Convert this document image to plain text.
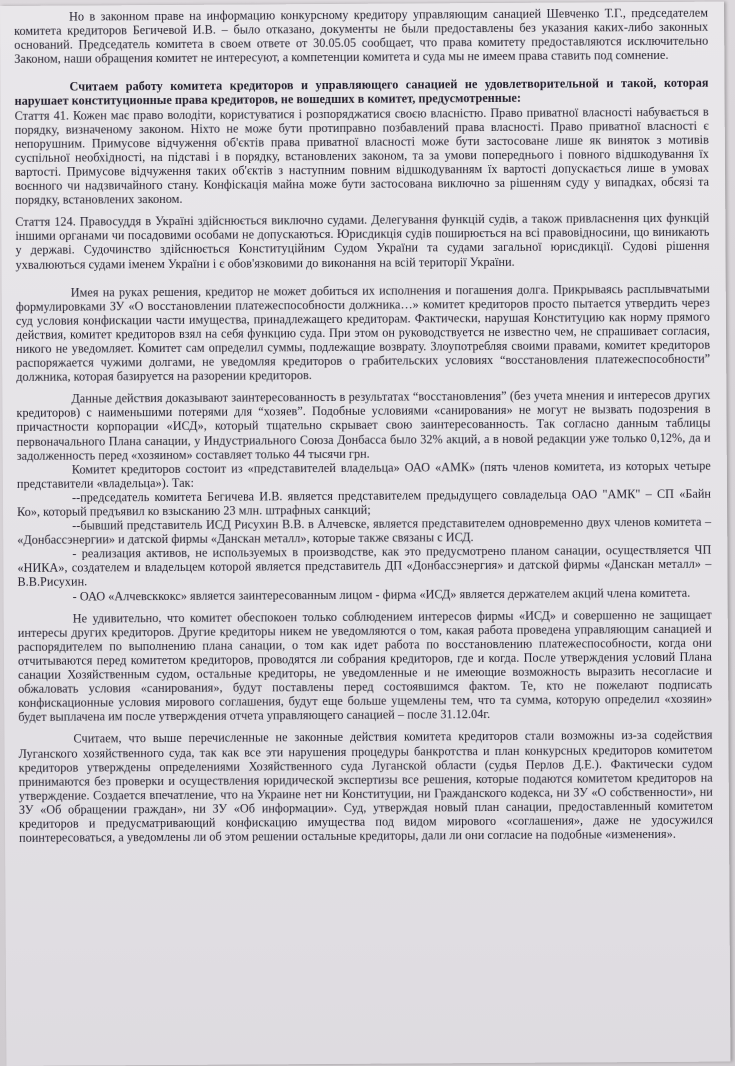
Но в законном праве на информацию конкурсному кредитору управляющим санацией Шевченко Т.Г., председателем комитета кредиторов Бегичевой И.В. – было отказано, документы не были предоставлены без указания каких-либо законных оснований. Председатель комитета в своем ответе от 30.05.05 сообщает, что права комитету предоставляются исключительно Законом, наши обращения комитет не интересуют, а компетенции комитета и суда мы не имеем права ставить под сомнение.

Считаем работу комитета кредиторов и управляющего санацией не удовлетворительной и такой, которая нарушает конституционные права кредиторов, не вошедших в комитет, предусмотренные:

Стаття 41. Кожен має право володіти, користуватися і розпоряджатися своєю власністю. Право приватної власності набувається в порядку, визначеному законом. Ніхто не може бути протиправно позбавлений права власності. Право приватної власності є непорушним. Примусове відчуження об'єктів права приватної власності може бути застосоване лише як виняток з мотивів суспільної необхідності, на підставі і в порядку, встановлених законом, та за умови попереднього і повного відшкодування їх вартості. Примусове відчуження таких об'єктів з наступним повним відшкодуванням їх вартості допускається лише в умовах воєнного чи надзвичайного стану. Конфіскація майна може бути застосована виключно за рішенням суду у випадках, обсязі та порядку, встановлених законом.

Стаття 124. Правосуддя в Україні здійснюється виключно судами. Делегування функцій судів, а також привласнення цих функцій іншими органами чи посадовими особами не допускаються. Юрисдикція судів поширюється на всі правовідносини, що виникають у державі. Судочинство здійснюється Конституційним Судом України та судами загальної юрисдикції. Судові рішення ухвалюються судами іменем України і є обов'язковими до виконання на всій території України.

Имея на руках решения, кредитор не может добиться их исполнения и погашения долга. Прикрываясь расплывчатыми формулировками ЗУ «О восстановлении платежеспособности должника…» комитет кредиторов просто пытается утвердить через суд условия конфискации части имущества, принадлежащего кредиторам. Фактически, нарушая Конституцию как норму прямого действия, комитет кредиторов взял на себя функцию суда. При этом он руководствуется не известно чем, не спрашивает согласия, никого не уведомляет. Комитет сам определил суммы, подлежащие возврату. Злоупотребляя своими правами, комитет кредиторов распоряжается чужими долгами, не уведомляя кредиторов о грабительских условиях “восстановления платежеспособности” должника, которая базируется на разорении кредиторов.

Данные действия доказывают заинтересованность в результатах “восстановления” (без учета мнения и интересов других кредиторов) с наименьшими потерями для “хозяев”. Подобные условиями «санирования» не могут не вызвать подозрения в причастности корпорации «ИСД», который тщательно скрывает свою заинтересованность. Так согласно данным таблицы первоначального Плана санации, у Индустриального Союза Донбасса было 32% акций, а в новой редакции уже только 0,12%, да и задолженность перед «хозяином» составляет только 44 тысячи грн.

Комитет кредиторов состоит из «представителей владельца» ОАО «АМК» (пять членов комитета, из которых четыре представители «владельца»). Так:

--председатель комитета Бегичева И.В. является представителем предыдущего совладельца ОАО "АМК" – СП «Байн Ко», который предъявил ко взысканию 23 млн. штрафных санкций;

--бывший представитель ИСД Рисухин В.В. в Алчевске, является представителем одновременно двух членов комитета – «Донбассэнергии» и датской фирмы «Данскан металл», которые также связаны с ИСД.

- реализация активов, не используемых в производстве, как это предусмотрено планом санации, осуществляется ЧП «НИКА», создателем и владельцем которой является представитель ДП «Донбассэнергия» и датской фирмы «Данскан металл» – В.В.Рисухин.

- ОАО «Алчевсккокс» является заинтересованным лицом - фирма «ИСД» является держателем акций члена комитета.

Не удивительно, что комитет обеспокоен только соблюдением интересов фирмы «ИСД» и совершенно не защищает интересы других кредиторов. Другие кредиторы никем не уведомляются о том, какая работа проведена управляющим санацией и распорядителем по выполнению плана санации, о том как идет работа по восстановлению платежеспособности, когда они отчитываются перед комитетом кредиторов, проводятся ли собрания кредиторов, где и когда. После утверждения условий Плана санации Хозяйственным судом, остальные кредиторы, не уведомленные и не имеющие возможность выразить несогласие и обжаловать условия «санирования», будут поставлены перед состоявшимся фактом. Те, кто не пожелают подписать конфискационные условия мирового соглашения, будут еще больше ущемлены тем, что та сумма, которую определил «хозяин» будет выплачена им после утверждения отчета управляющего санацией – после 31.12.04г.

Считаем, что выше перечисленные не законные действия комитета кредиторов стали возможны из-за содействия Луганского хозяйственного суда, так как все эти нарушения процедуры банкротства и план конкурсных кредиторов комитетом кредиторов утверждены определениями Хозяйственного суда Луганской области (судья Перлов Д.Е.). Фактически судом принимаются без проверки и осуществления юридической экспертизы все решения, которые подаются комитетом кредиторов на утверждение. Создается впечатление, что на Украине нет ни Конституции, ни Гражданского кодекса, ни ЗУ «О собственности», ни ЗУ «Об обращении граждан», ни ЗУ «Об информации». Суд, утверждая новый план санации, предоставленный комитетом кредиторов и предусматривающий конфискацию имущества под видом мирового «соглашения», даже не удосужился поинтересоваться, а уведомлены ли об этом решении остальные кредиторы, дали ли они согласие на подобные «изменения».
